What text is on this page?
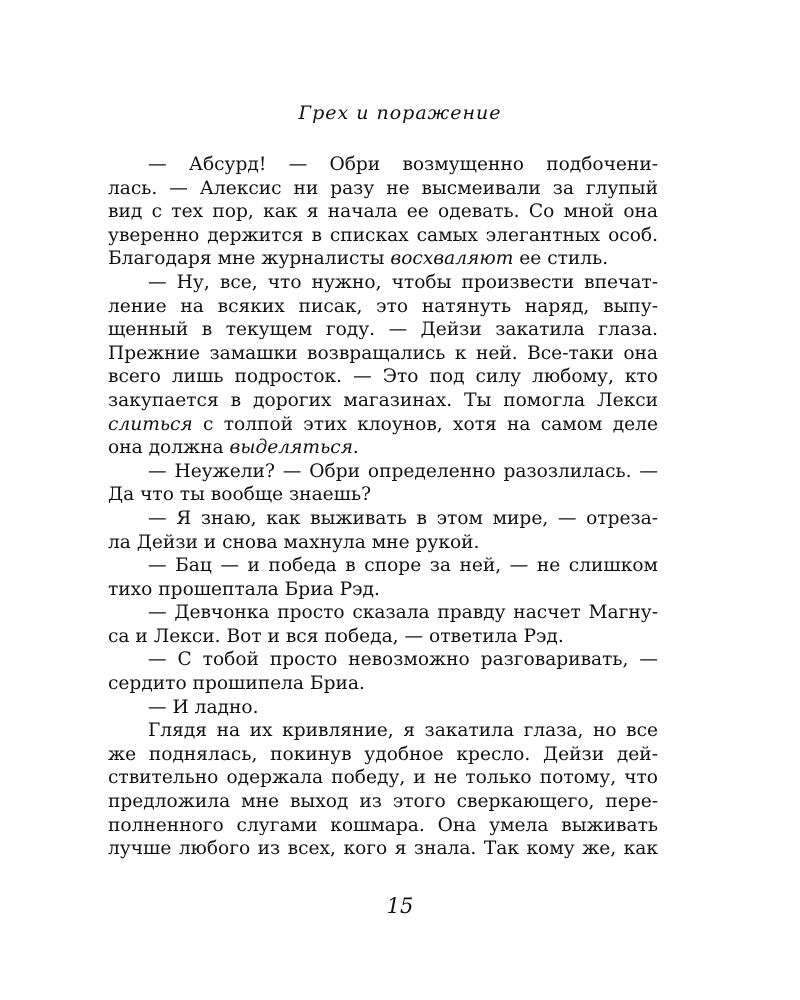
Грех и поражение
— Абсурд! — Обри возмущенно подбочени-
лась. — Алексис ни разу не высмеивали за глупый
вид с тех пор, как я начала ее одевать. Со мной она
уверенно держится в списках самых элегантных особ.
Благодаря мне журналисты восхваляют ее стиль.
— Ну, все, что нужно, чтобы произвести впечат-
ление на всяких писак, это натянуть наряд, выпу-
щенный в текущем году. — Дейзи закатила глаза.
Прежние замашки возвращались к ней. Все-таки она
всего лишь подросток. — Это под силу любому, кто
закупается в дорогих магазинах. Ты помогла Лекси
слиться с толпой этих клоунов, хотя на самом деле
она должна выделяться.
— Неужели? — Обри определенно разозлилась. —
Да что ты вообще знаешь?
— Я знаю, как выживать в этом мире, — отреза-
ла Дейзи и снова махнула мне рукой.
— Бац — и победа в споре за ней, — не слишком
тихо прошептала Бриа Рэд.
— Девчонка просто сказала правду насчет Магну-
са и Лекси. Вот и вся победа, — ответила Рэд.
— С тобой просто невозможно разговаривать, —
сердито прошипела Бриа.
— И ладно.
Глядя на их кривляние, я закатила глаза, но все
же поднялась, покинув удобное кресло. Дейзи дей-
ствительно одержала победу, и не только потому, что
предложила мне выход из этого сверкающего, пере-
полненного слугами кошмара. Она умела выживать
лучше любого из всех, кого я знала. Так кому же, как
15
